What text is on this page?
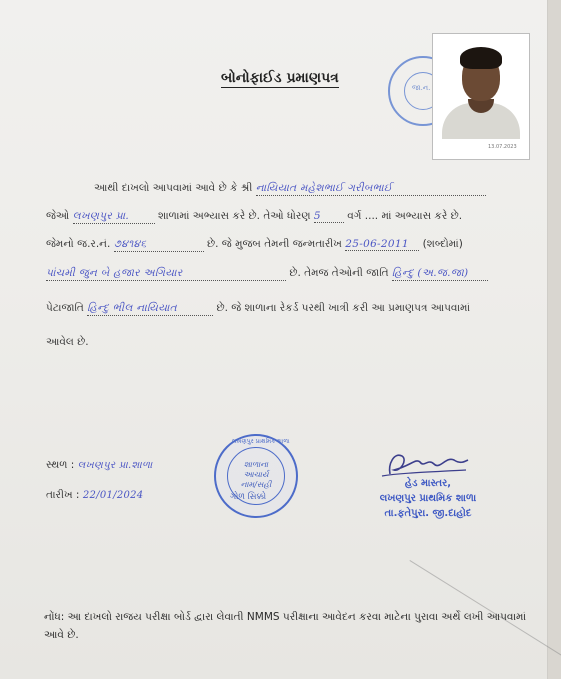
બોનોફાઈડ પ્રમાણપત્ર
જા.ન.
13.07.2023
આથી દાખલો આપવામાં આવે છે કે શ્રી નાયિયાત મહેશભાઈ ગરીબભાઈ
જેઓ લખણપુર પ્રા.	શાળામાં અભ્યાસ કરે છે. તેઓ ધોરણ 5	વર્ગ .... માં અભ્યાસ કરે છે.
જેમનો જ.ર.નં. ૭૪૧૪૬	છે. જે મુજબ તેમની જન્મતારીખ 25-06-2011 (શબ્દોમાં)
પાંચમી જુન બે હજાર અગિયાર	છે. તેમજ તેઓની જાતિ હિન્દુ (અ.જ.જા)
પેટાજાતિ હિન્દુ ભીલ નાયિયાત	છે. જે શાળાના રેકર્ડ પરથી ખાત્રી કરી આ પ્રમાણપત્ર આપવામાં
આવેલ છે.
સ્થળ : લખણપુર પ્રા.શાળા
તારીખ : 22/01/2024
લખણપુર પ્રાથમિક શાળા
શાળાના આચાર્ય નામ/સહી
ગોળ સિક્કો
હેડ માસ્તર,
લખણપુર પ્રાથમિક શાળા
તા.ફતેપુરા. જી.દાહોદ
નોંધ: આ દાખલો રાજય પરીક્ષા બોર્ડ દ્વારા લેવાતી NMMS પરીક્ષાના આવેદન કરવા માટેના પુરાવા અર્થે લખી આપવામાં આવે છે.
